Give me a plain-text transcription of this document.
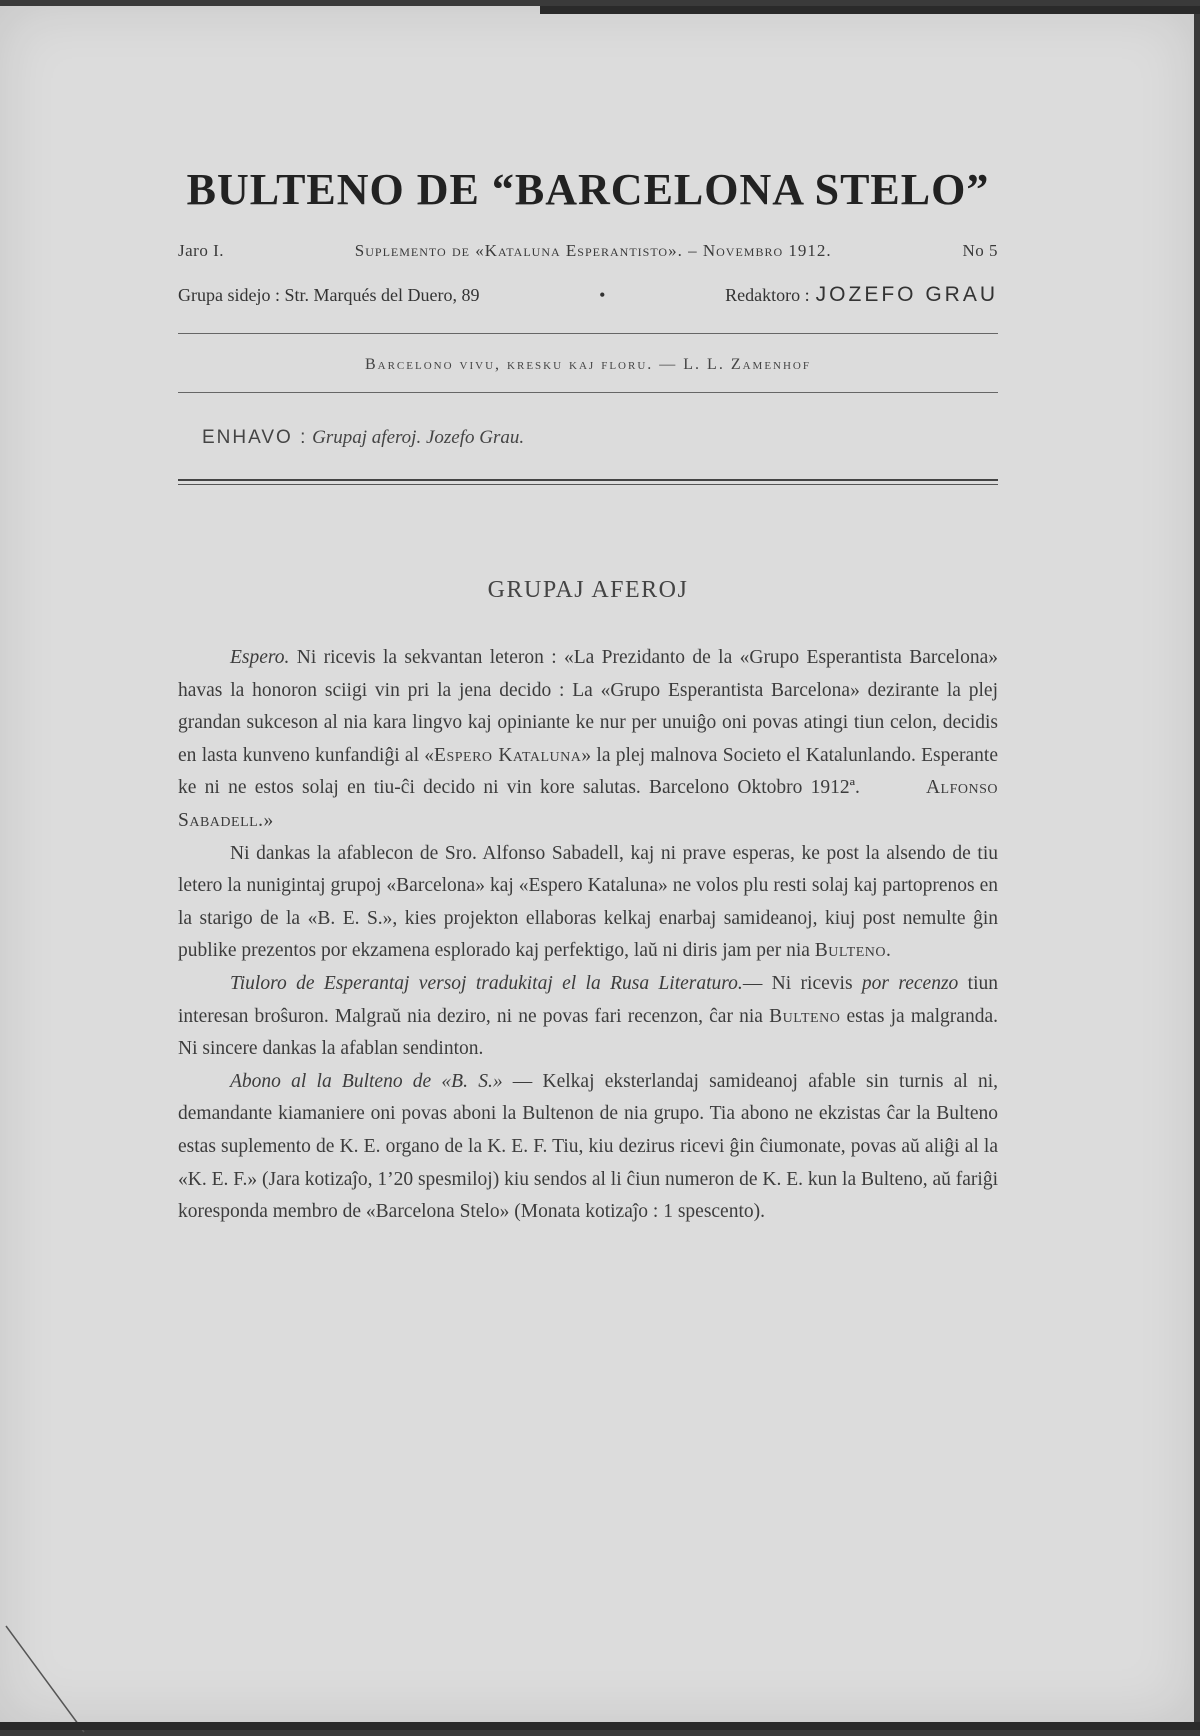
BULTENO DE “BARCELONA STELO”
Jaro I.	Suplemento de «Kataluna Esperantisto». – Novembro 1912.	No 5
Grupa sidejo : Str. Marqués del Duero, 89	•	Redaktoro : JOZEFO GRAU
Barcelono vivu, kresku kaj floru. — L. L. Zamenhof
ENHAVO : Grupaj aferoj. Jozefo Grau.
GRUPAJ AFEROJ

Espero. Ni ricevis la sekvantan leteron : «La Prezidanto de la «Grupo Esperantista Barcelona» havas la honoron sciigi vin pri la jena decido : La «Grupo Esperantista Barcelona» dezirante la plej grandan sukceson al nia kara lingvo kaj opiniante ke nur per unuiĝo oni povas atingi tiun celon, decidis en lasta kunveno kunfandiĝi al «Espero Kataluna» la plej malnova Societo el Katalunlando. Esperante ke ni ne estos solaj en tiu-ĉi decido ni vin kore salutas. Barcelono Oktobro 1912ª.	Alfonso Sabadell.»

Ni dankas la afablecon de Sro. Alfonso Sabadell, kaj ni prave esperas, ke post la alsendo de tiu letero la nunigintaj grupoj «Barcelona» kaj «Espero Kataluna» ne volos plu resti solaj kaj partoprenos en la starigo de la «B. E. S.», kies projekton ellaboras kelkaj enarbaj samideanoj, kiuj post nemulte ĝin publike prezentos por ekzamena esplorado kaj perfektigo, laŭ ni diris jam per nia Bulteno.

Tiuloro de Esperantaj versoj tradukitaj el la Rusa Literaturo.— Ni ricevis por recenzo tiun interesan broŝuron. Malgraŭ nia deziro, ni ne povas fari recenzon, ĉar nia Bulteno estas ja malgranda. Ni sincere dankas la afablan sendinton.

Abono al la Bulteno de «B. S.» — Kelkaj eksterlandaj samideanoj afable sin turnis al ni, demandante kiamaniere oni povas aboni la Bultenon de nia grupo. Tia abono ne ekzistas ĉar la Bulteno estas suplemento de K. E. organo de la K. E. F. Tiu, kiu dezirus ricevi ĝin ĉiumonate, povas aŭ aliĝi al la «K. E. F.» (Jara kotizaĵo, 1’20 spesmiloj) kiu sendos al li ĉiun numeron de K. E. kun la Bulteno, aŭ fariĝi koresponda membro de «Barcelona Stelo» (Monata kotizaĵo : 1 spescento).
